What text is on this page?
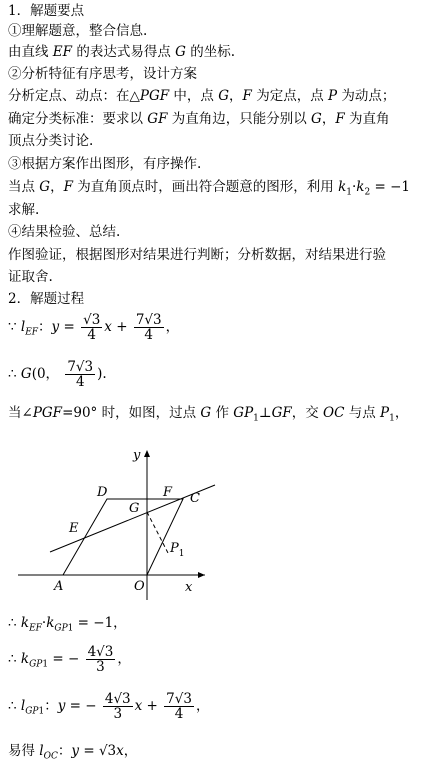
1．解题要点
①理解题意，整合信息.
由直线 EF 的表达式易得点 G 的坐标.
②分析特征有序思考，设计方案
分析定点、动点：在△PGF 中，点 G，F 为定点，点 P 为动点；
确定分类标准：要求以 GF 为直角边，只能分别以 G，F 为直角
顶点分类讨论.
③根据方案作出图形，有序操作.
当点 G，F 为直角顶点时，画出符合题意的图形，利用 $k_1\cdot k_2 = -1$
求解.
④结果检验、总结.
作图验证，根据图形对结果进行判断；分析数据，对结果进行验
证取舍.
2．解题过程
∵ $l_{EF}$：$y = \frac{√3}{4}$ $x + \frac{7√3}{4}$ ，
∴ G(0， $\frac{7√3}{4}$ ).
当∠PGF=90° 时，如图，过点 G 作 $GP_1\perp GF$，交 OC 与点 $P_1$，
y
x
D	F C
G
E
$P_1$
A	O
∴ $k_{EF}\cdot k_{GP1} = -1$，
∴ $k_{GP1}$ = − $\frac{4√3}{3}$ ，
∴ $l_{GP1}$：y = − $\frac{4√3}{3}$ $x + \frac{7√3}{4}$ ，
易得 $l_{OC}$：y = √3x，
